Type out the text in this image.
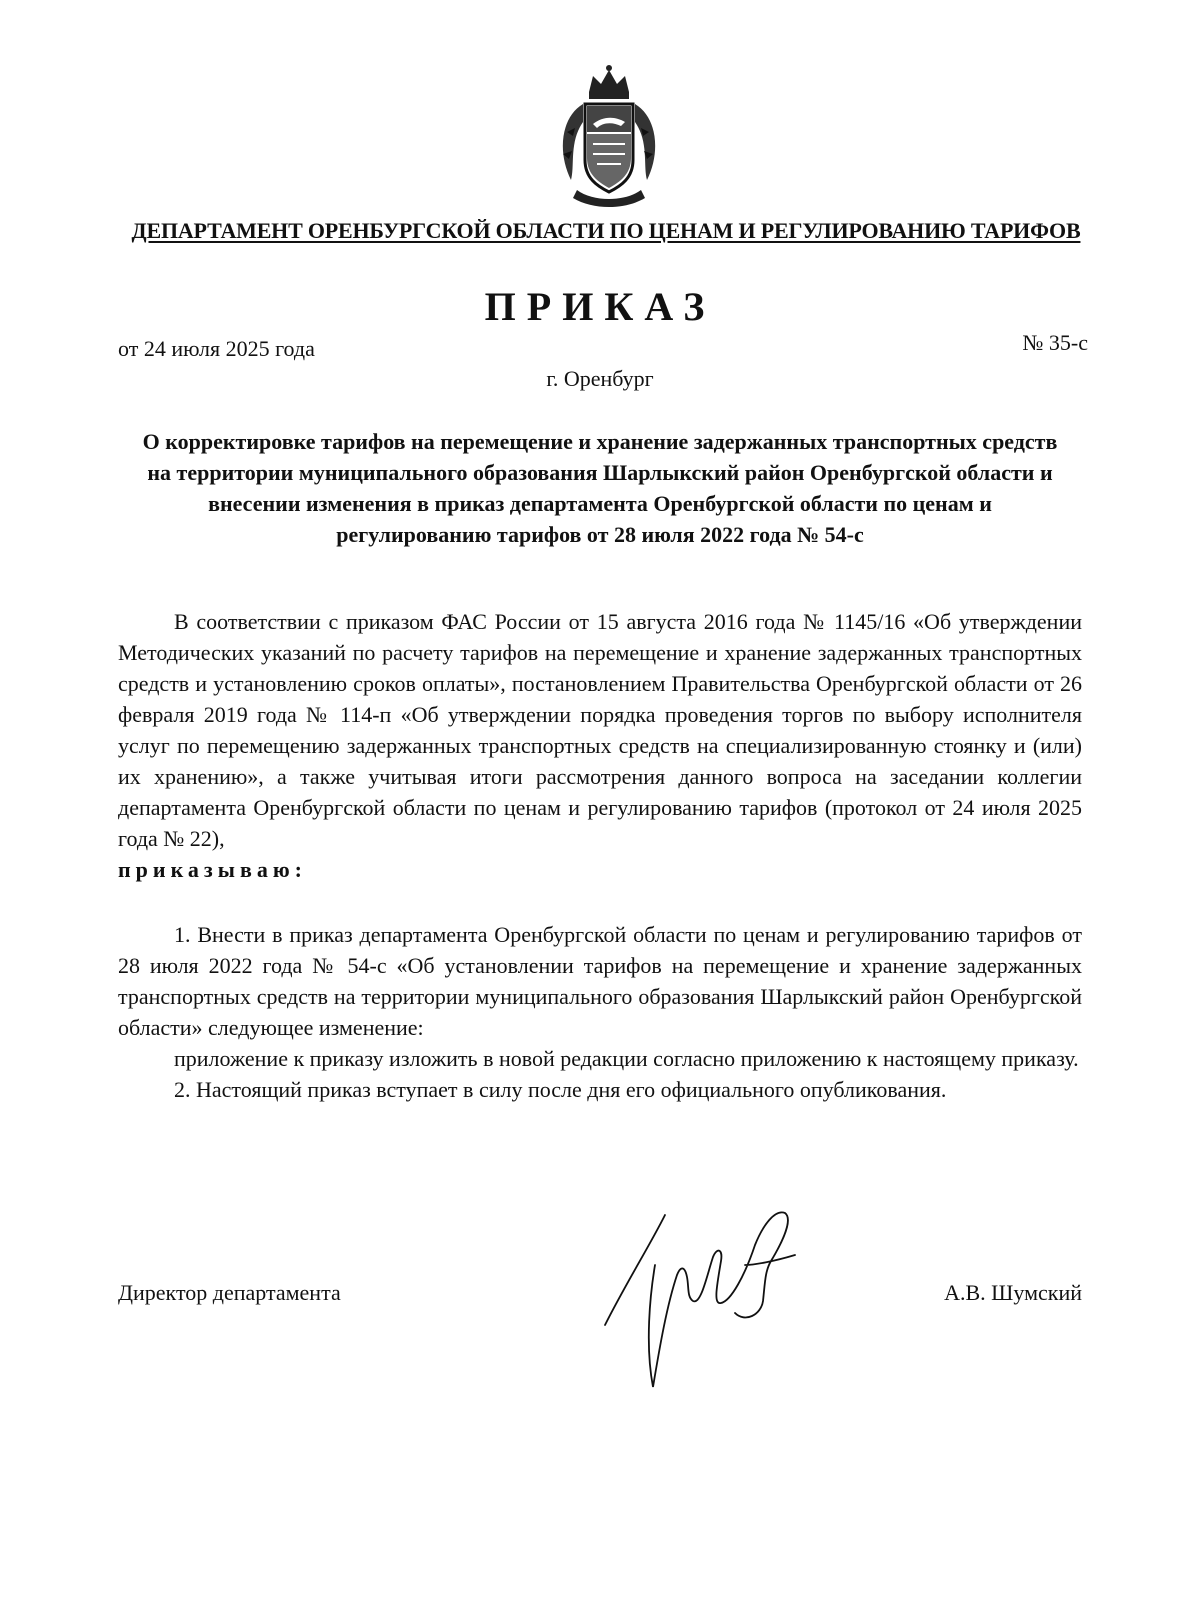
ДЕПАРТАМЕНТ ОРЕНБУРГСКОЙ ОБЛАСТИ ПО ЦЕНАМ И РЕГУЛИРОВАНИЮ ТАРИФОВ
ПРИКАЗ
от 24 июля 2025 года	№ 35-с
г. Оренбург
О корректировке тарифов на перемещение и хранение задержанных транспортных средств на территории муниципального образования Шарлыкский район Оренбургской области и внесении изменения в приказ департамента Оренбургской области по ценам и регулированию тарифов от 28 июля 2022 года № 54-с

В соответствии с приказом ФАС России от 15 августа 2016 года № 1145/16 «Об утверждении Методических указаний по расчету тарифов на перемещение и хранение задержанных транспортных средств и установлению сроков оплаты», постановлением Правительства Оренбургской области от 26 февраля 2019 года № 114-п «Об утверждении порядка проведения торгов по выбору исполнителя услуг по перемещению задержанных транспортных средств на специализированную стоянку и (или) их хранению», а также учитывая итоги рассмотрения данного вопроса на заседании коллегии департамента Оренбургской области по ценам и регулированию тарифов (протокол от 24 июля 2025 года № 22),

приказываю:

1. Внести в приказ департамента Оренбургской области по ценам и регулированию тарифов от 28 июля 2022 года № 54-с «Об установлении тарифов на перемещение и хранение задержанных транспортных средств на территории муниципального образования Шарлыкский район Оренбургской области» следующее изменение:

приложение к приказу изложить в новой редакции согласно приложению к настоящему приказу.

2. Настоящий приказ вступает в силу после дня его официального опубликования.

Директор департамента	А.В. Шумский
